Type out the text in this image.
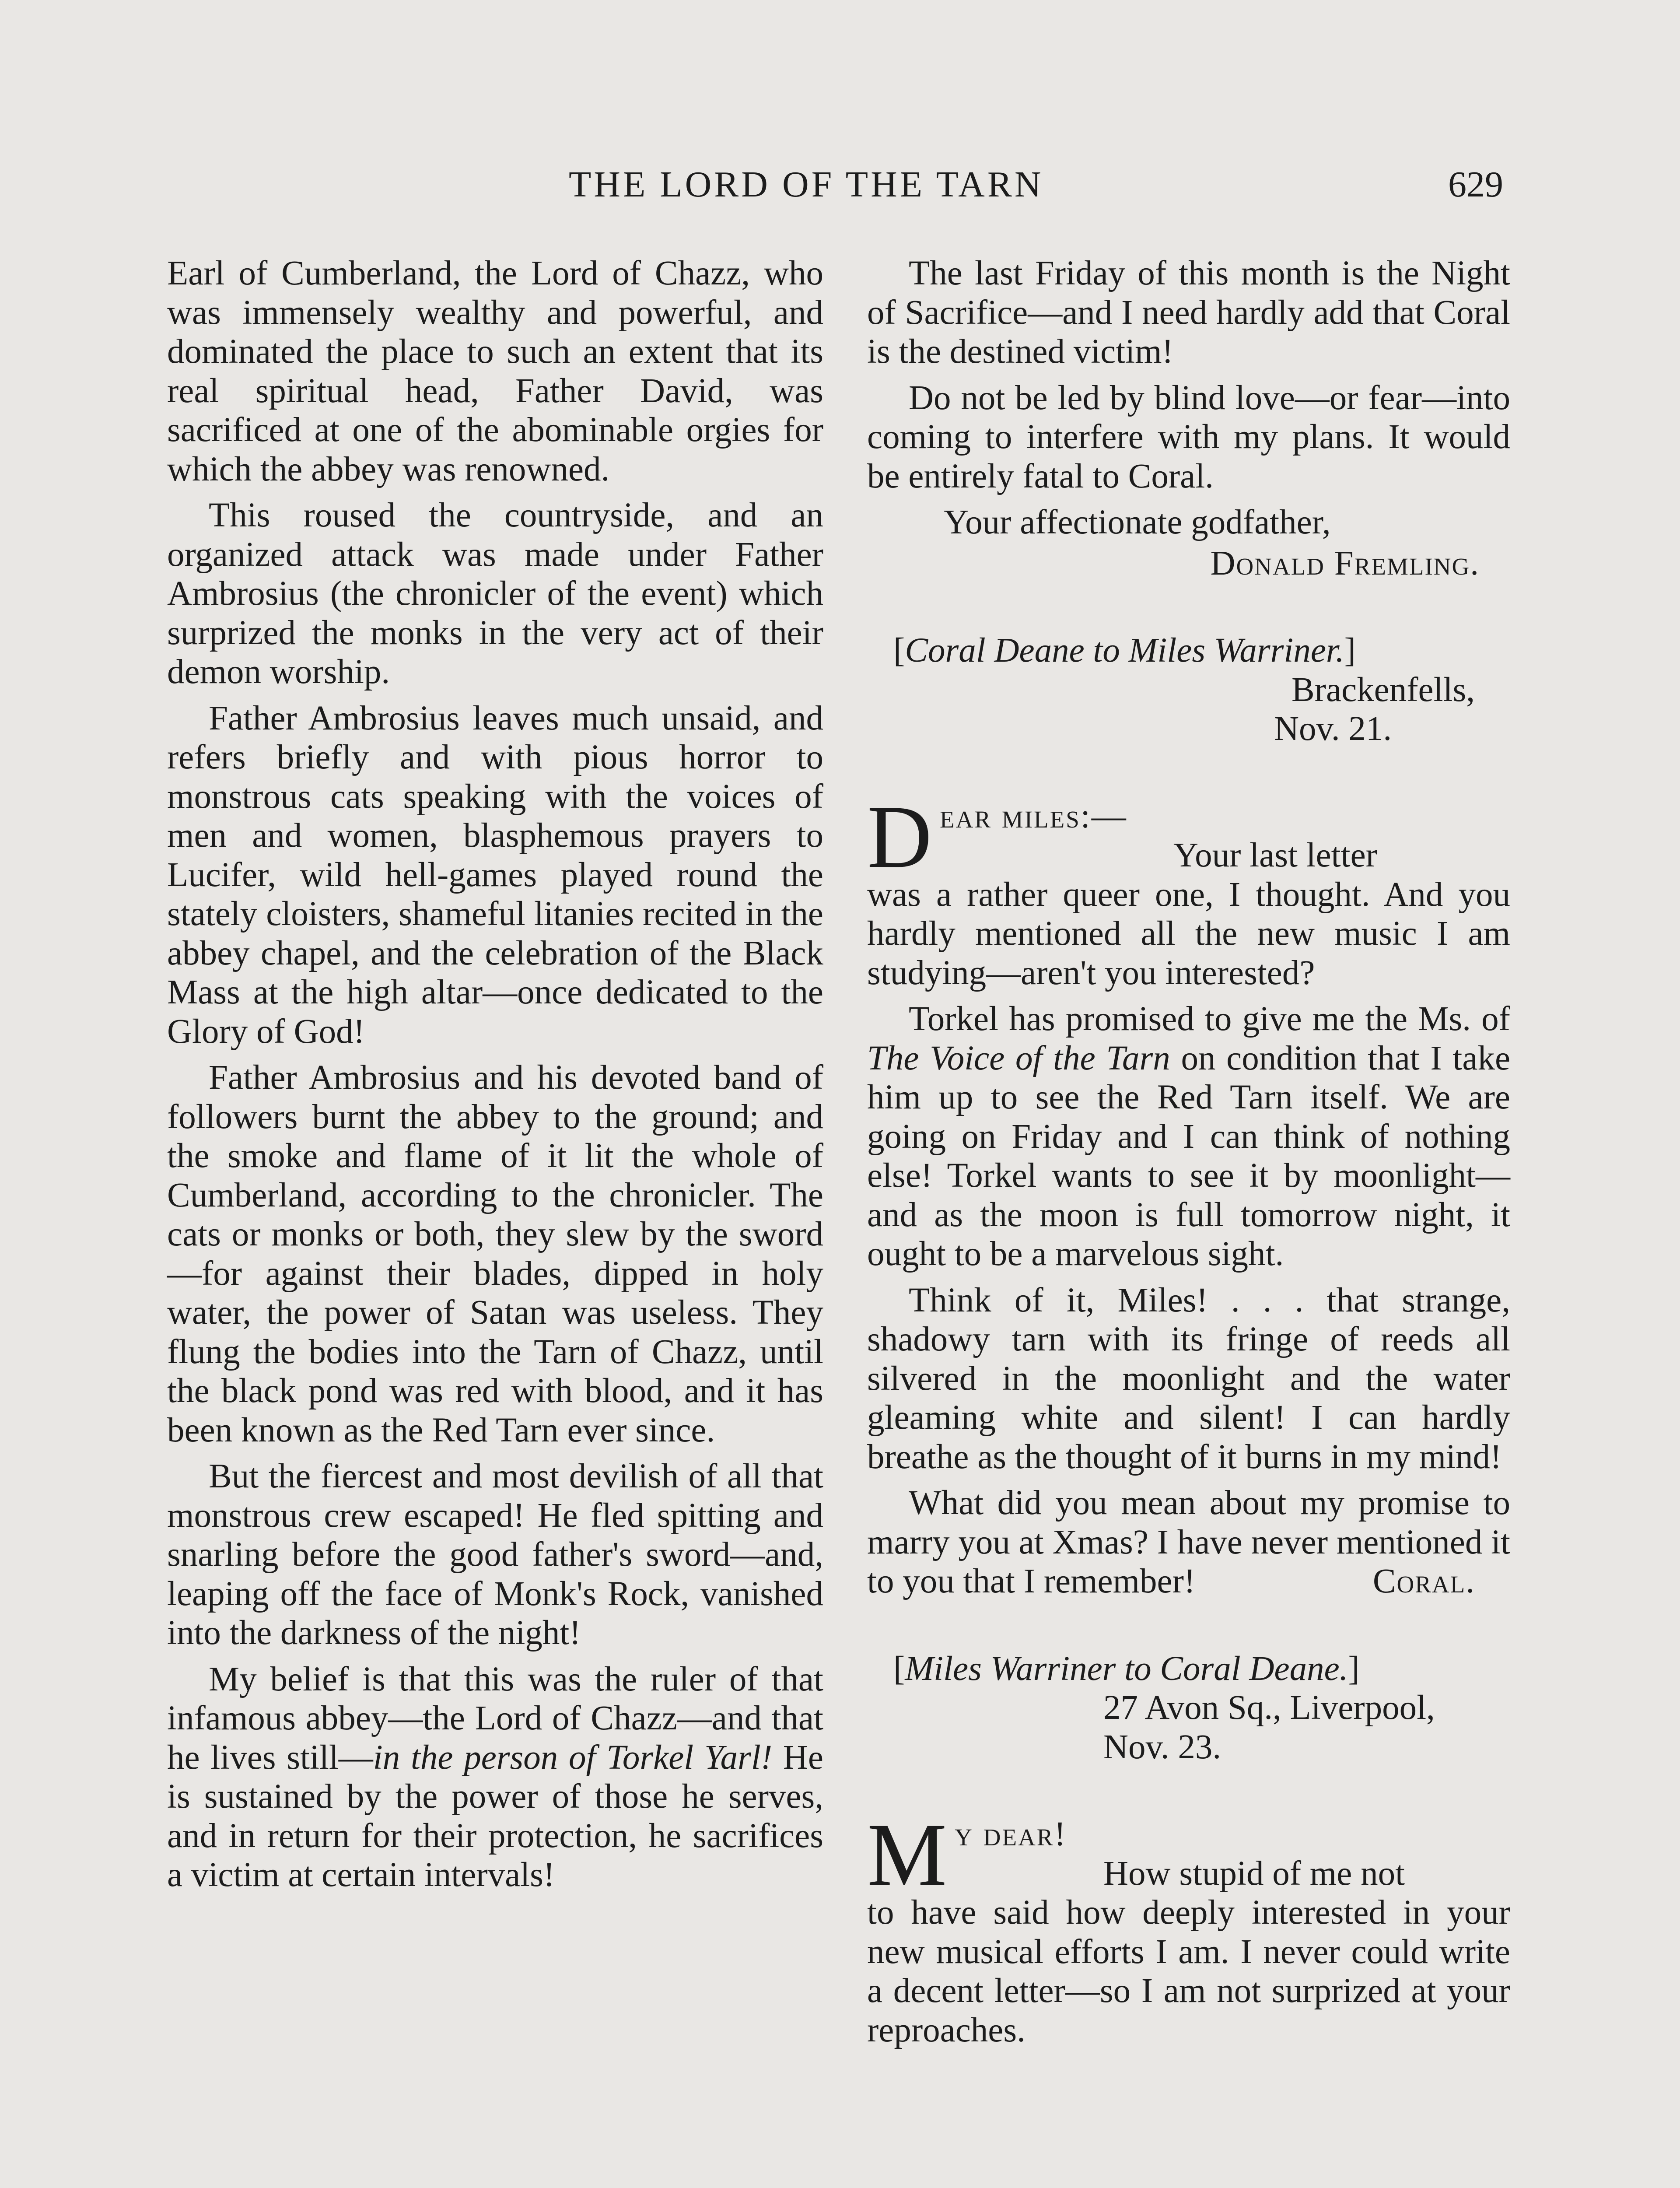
THE LORD OF THE TARN	629

Earl of Cumberland, the Lord of Chazz, who was immensely wealthy and powerful, and dominated the place to such an extent that its real spiritual head, Father David, was sacrificed at one of the abominable orgies for which the abbey was renowned.

This roused the countryside, and an organized attack was made under Father Ambrosius (the chronicler of the event) which surprized the monks in the very act of their demon worship.

Father Ambrosius leaves much unsaid, and refers briefly and with pious horror to monstrous cats speaking with the voices of men and women, blasphemous prayers to Lucifer, wild hell-games played round the stately cloisters, shameful litanies recited in the abbey chapel, and the celebration of the Black Mass at the high altar—once dedicated to the Glory of God!

Father Ambrosius and his devoted band of followers burnt the abbey to the ground; and the smoke and flame of it lit the whole of Cumberland, according to the chronicler. The cats or monks or both, they slew by the sword—for against their blades, dipped in holy water, the power of Satan was useless. They flung the bodies into the Tarn of Chazz, until the black pond was red with blood, and it has been known as the Red Tarn ever since.

But the fiercest and most devilish of all that monstrous crew escaped! He fled spitting and snarling before the good father's sword—and, leaping off the face of Monk's Rock, vanished into the darkness of the night!

My belief is that this was the ruler of that infamous abbey—the Lord of Chazz—and that he lives still—in the person of Torkel Yarl! He is sustained by the power of those he serves, and in return for their protection, he sacrifices a victim at certain intervals!

The last Friday of this month is the Night of Sacrifice—and I need hardly add that Coral is the destined victim!

Do not be led by blind love—or fear—into coming to interfere with my plans. It would be entirely fatal to Coral.

Your affectionate godfather,

Donald Fremling.

[Coral Deane to Miles Warriner.]

Brackenfells,

Nov. 21.

D ear miles:—

Your last letter

was a rather queer one, I thought. And you hardly mentioned all the new music I am studying—aren't you interested?

Torkel has promised to give me the Ms. of The Voice of the Tarn on condition that I take him up to see the Red Tarn itself. We are going on Friday and I can think of nothing else! Torkel wants to see it by moonlight—and as the moon is full tomorrow night, it ought to be a marvelous sight.

Think of it, Miles! . . . that strange, shadowy tarn with its fringe of reeds all silvered in the moonlight and the water gleaming white and silent! I can hardly breathe as the thought of it burns in my mind!

What did you mean about my promise to marry you at Xmas? I have never mentioned it to you that I remember!	Coral.

[Miles Warriner to Coral Deane.]

27 Avon Sq., Liverpool,

Nov. 23.

M y dear!

How stupid of me not

to have said how deeply interested in your new musical efforts I am. I never could write a decent letter—so I am not surprized at your reproaches.
